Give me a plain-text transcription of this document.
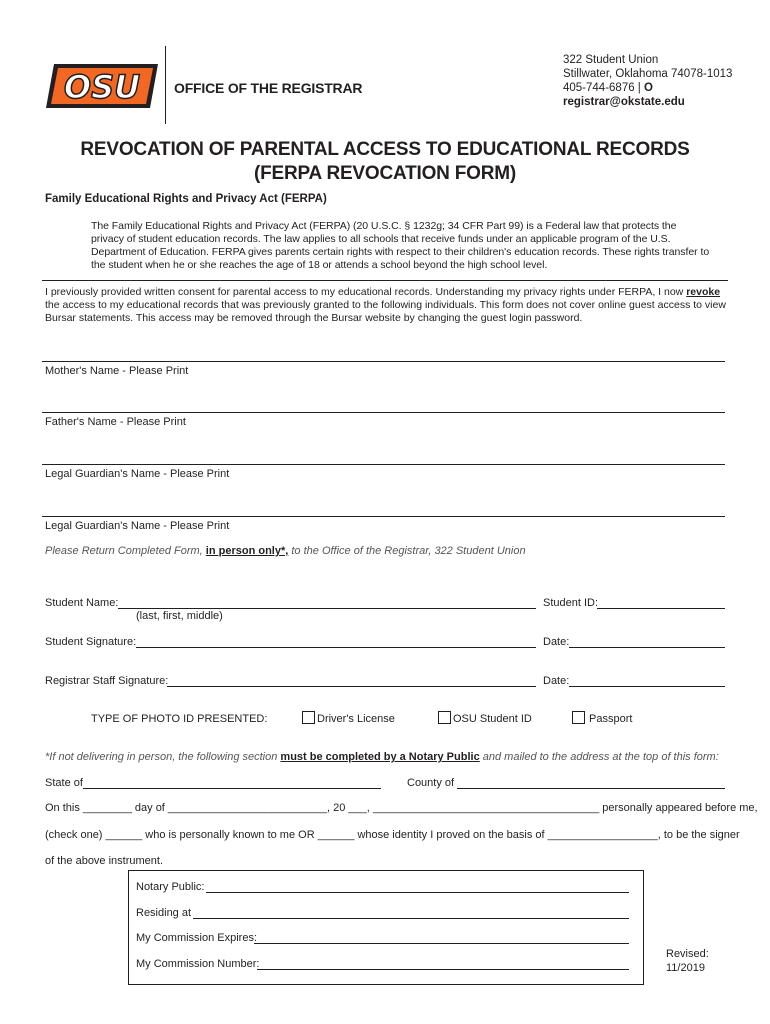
OSU OFFICE OF THE REGISTRAR
322 Student Union
Stillwater, Oklahoma 74078-1013
405-744-6876 | O
registrar@okstate.edu
REVOCATION OF PARENTAL ACCESS TO EDUCATIONAL RECORDS
(FERPA REVOCATION FORM)
Family Educational Rights and Privacy Act (FERPA)
The Family Educational Rights and Privacy Act (FERPA) (20 U.S.C. § 1232g; 34 CFR Part 99) is a Federal law that protects the privacy of student education records. The law applies to all schools that receive funds under an applicable program of the U.S. Department of Education. FERPA gives parents certain rights with respect to their children's education records. These rights transfer to the student when he or she reaches the age of 18 or attends a school beyond the high school level.
I previously provided written consent for parental access to my educational records. Understanding my privacy rights under FERPA, I now revoke the access to my educational records that was previously granted to the following individuals. This form does not cover online guest access to view Bursar statements. This access may be removed through the Bursar website by changing the guest login password.
Mother's Name - Please Print
Father's Name - Please Print
Legal Guardian's Name - Please Print
Legal Guardian's Name - Please Print
Please Return Completed Form, in person only*, to the Office of the Registrar, 322 Student Union
Student Name:
(last, first, middle)
Student ID:
Student Signature:	Date:
Registrar Staff Signature:	Date:
TYPE OF PHOTO ID PRESENTED:	Driver's License	OSU Student ID	Passport
*If not delivering in person, the following section must be completed by a Notary Public and mailed to the address at the top of this form:
State of	County of
On this ________ day of __________________________, 20 ___, _____________________________________ personally appeared before me,
(check one) ______ who is personally known to me OR ______ whose identity I proved on the basis of __________________, to be the signer
of the above instrument.
Notary Public:
Residing at
My Commission Expires:
My Commission Number:
Revised:
11/2019
